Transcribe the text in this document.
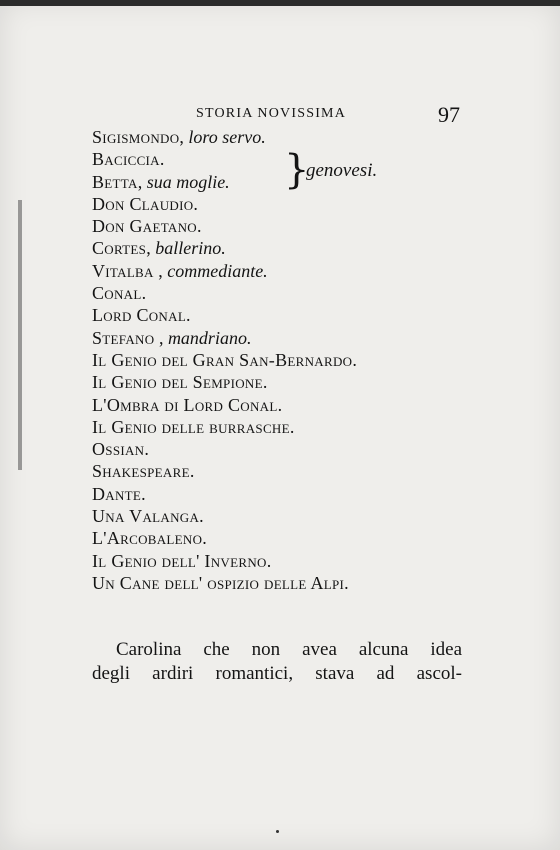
STORIA NOVISSIMA	97
Sigismondo, loro servo.
Baciccia.
Betta, sua moglie.
Don Claudio.
Don Gaetano.
Cortes, ballerino.
Vitalba , commediante.
Conal.
Lord Conal.
Stefano , mandriano.
Il Genio del Gran San-Bernardo.
Il Genio del Sempione.
L'Ombra di Lord Conal.
Il Genio delle burrasche.
Ossian.
Shakespeare.
Dante.
Una Valanga.
L'Arcobaleno.
Il Genio dell' Inverno.
Un Cane dell' ospizio delle Alpi.
}
genovesi.
Carolina che non avea alcuna idea
degli ardiri romantici, stava ad ascol-
